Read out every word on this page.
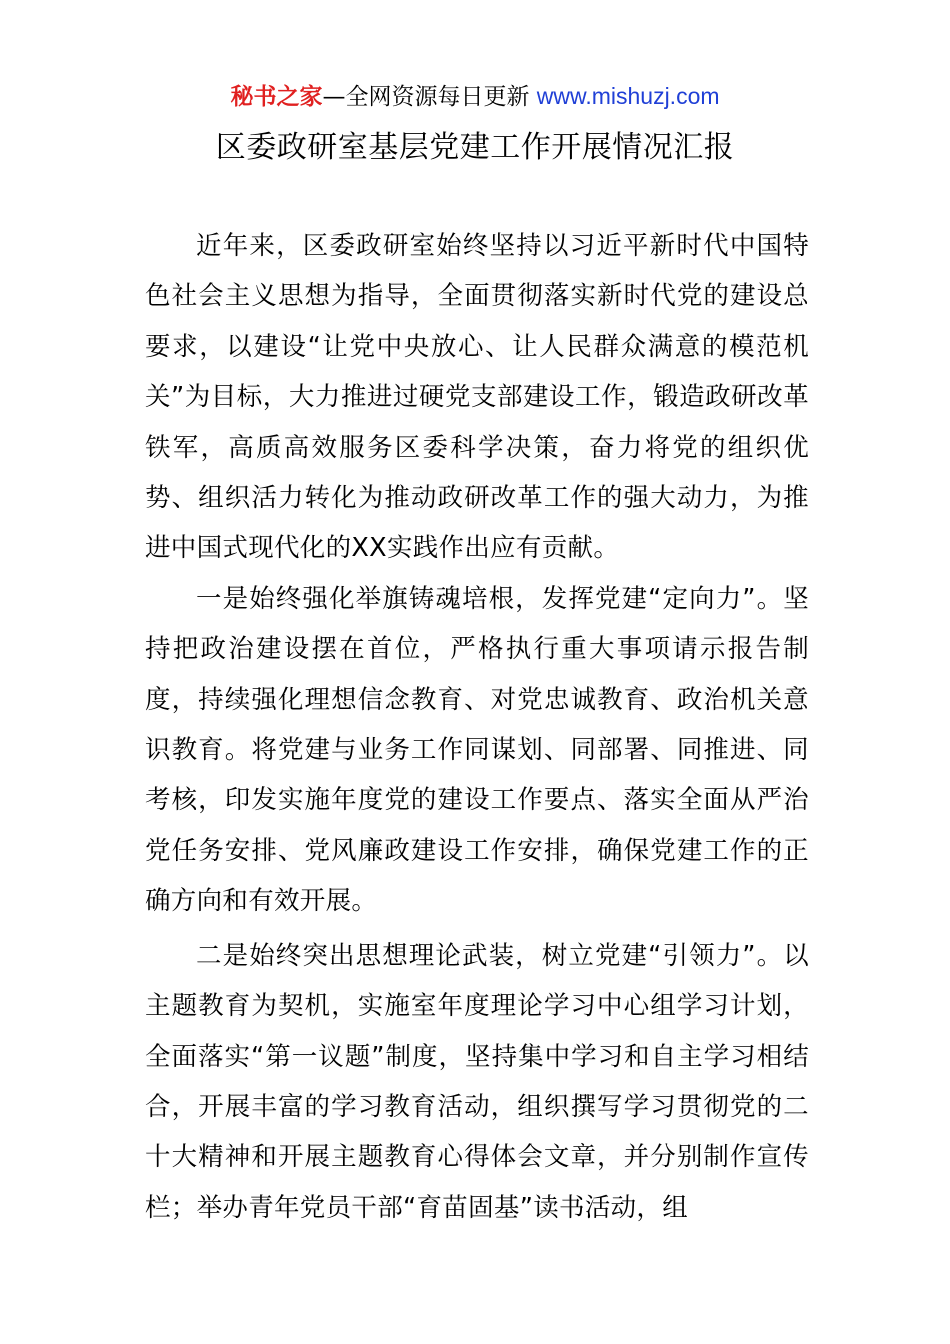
秘书之家—全网资源每日更新 www.mishuzj.com
区委政研室基层党建工作开展情况汇报

近年来，区委政研室始终坚持以习近平新时代中国特色社会主义思想为指导，全面贯彻落实新时代党的建设总要求，以建设“让党中央放心、让人民群众满意的模范机关”为目标，大力推进过硬党支部建设工作，锻造政研改革铁军，高质高效服务区委科学决策，奋力将党的组织优势、组织活力转化为推动政研改革工作的强大动力，为推进中国式现代化的XX实践作出应有贡献。

一是始终强化举旗铸魂培根，发挥党建“定向力”。坚持把政治建设摆在首位，严格执行重大事项请示报告制度，持续强化理想信念教育、对党忠诚教育、政治机关意识教育。将党建与业务工作同谋划、同部署、同推进、同考核，印发实施年度党的建设工作要点、落实全面从严治党任务安排、党风廉政建设工作安排，确保党建工作的正确方向和有效开展。

二是始终突出思想理论武装，树立党建“引领力”。以主题教育为契机，实施室年度理论学习中心组学习计划，全面落实“第一议题”制度，坚持集中学习和自主学习相结合，开展丰富的学习教育活动，组织撰写学习贯彻党的二十大精神和开展主题教育心得体会文章，并分别制作宣传栏；举办青年党员干部“育苗固基”读书活动，组
